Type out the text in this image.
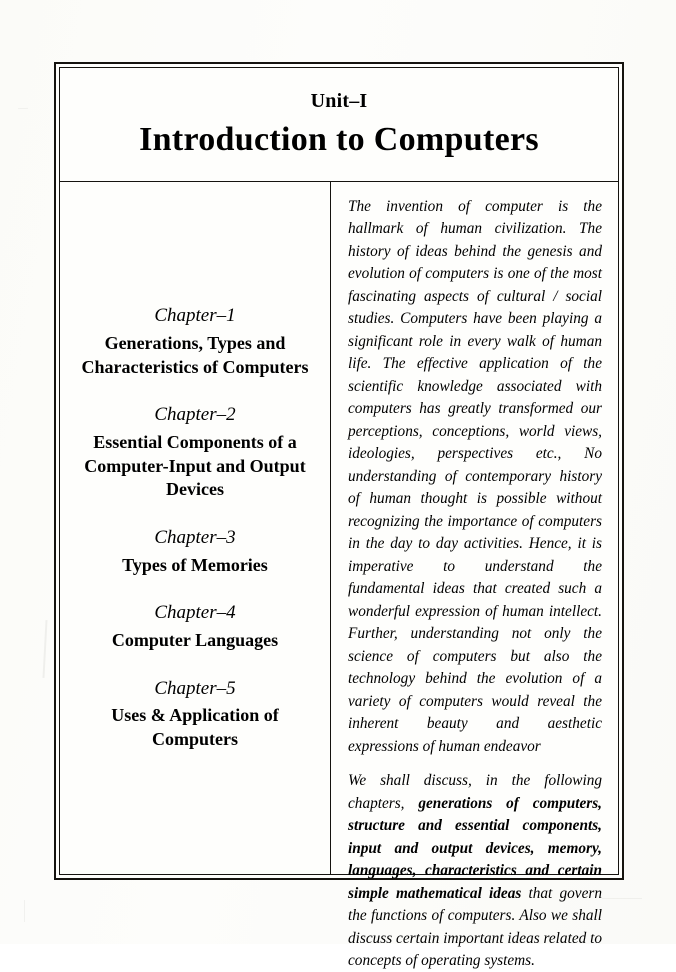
Unit–I
Introduction to Computers
Chapter–1
Generations, Types and Characteristics of Computers
Chapter–2
Essential Components of a Computer-Input and Output Devices
Chapter–3
Types of Memories
Chapter–4
Computer Languages
Chapter–5
Uses & Application of Computers

The invention of computer is the hallmark of human civilization. The history of ideas behind the genesis and evolution of computers is one of the most fascinating aspects of cultural / social studies. Computers have been playing a significant role in every walk of human life. The effective application of the scientific knowledge associated with computers has greatly transformed our perceptions, conceptions, world views, ideologies, perspectives etc., No understanding of contemporary history of human thought is possible without recognizing the importance of computers in the day to day activities. Hence, it is imperative to understand the fundamental ideas that created such a wonderful expression of human intellect. Further, understanding not only the science of computers but also the technology behind the evolution of a variety of computers would reveal the inherent beauty and aesthetic expressions of human endeavor

We shall discuss, in the following chapters, generations of computers, structure and essential components, input and output devices, memory, languages, characteristics and certain simple mathematical ideas that govern the functions of computers. Also we shall discuss certain important ideas related to concepts of operating systems.
